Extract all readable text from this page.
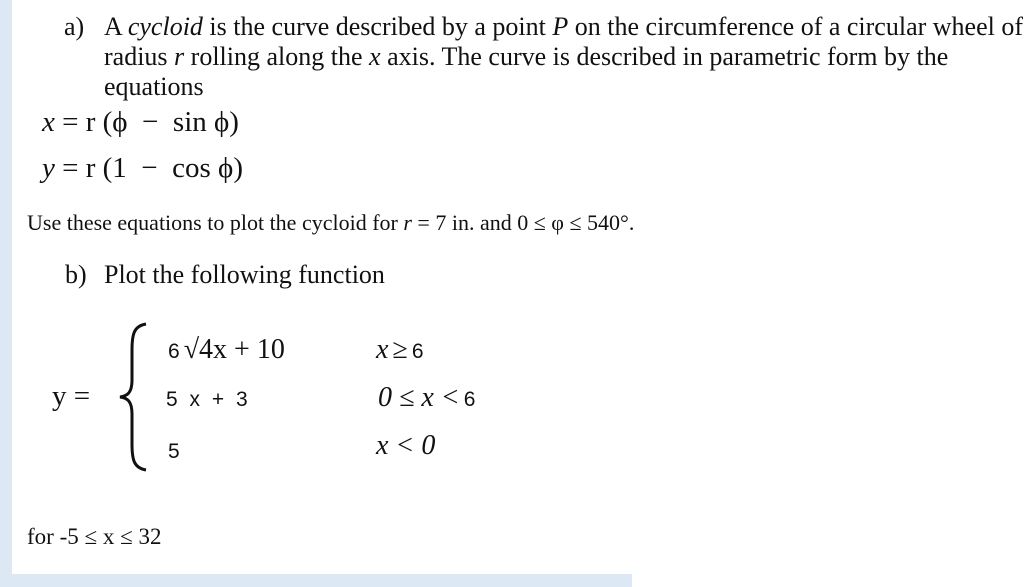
a) A cycloid is the curve described by a point P on the circumference of a circular wheel of
radius r rolling along the x axis. The curve is described in parametric form by the
equations
x = r (ϕ  −  sin ϕ)
y = r (1  −  cos ϕ)
Use these equations to plot the cycloid for r = 7 in. and 0 ≤ φ ≤ 540°.
b) Plot the following function
y =
6 √4x + 10	x ≥ 6
5 x + 3	0 ≤ x < 6
5	x < 0
for -5 ≤ x ≤ 32
